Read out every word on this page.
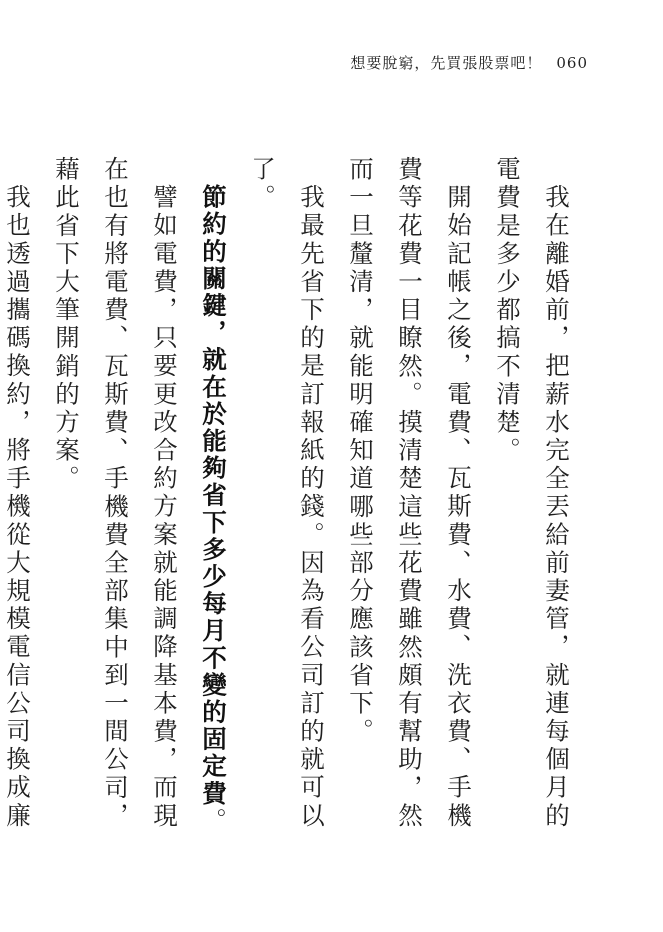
想要脫窮，先買張股票吧！ 060

我在離婚前，把薪水完全丟給前妻管，就連每個月的電費是多少都搞不清楚。

開始記帳之後，電費、瓦斯費、水費、洗衣費、手機費等花費一目瞭然。摸清楚這些花費雖然頗有幫助，然而一旦釐清，就能明確知道哪些部分應該省下。

我最先省下的是訂報紙的錢。因為看公司訂的就可以了。

節約的關鍵，就在於能夠省下多少每月不變的固定費。

譬如電費，只要更改合約方案就能調降基本費，而現在也有將電費、瓦斯費、手機費全部集中到一間公司，藉此省下大筆開銷的方案。

我也透過攜碼換約，將手機從大規模電信公司換成廉
